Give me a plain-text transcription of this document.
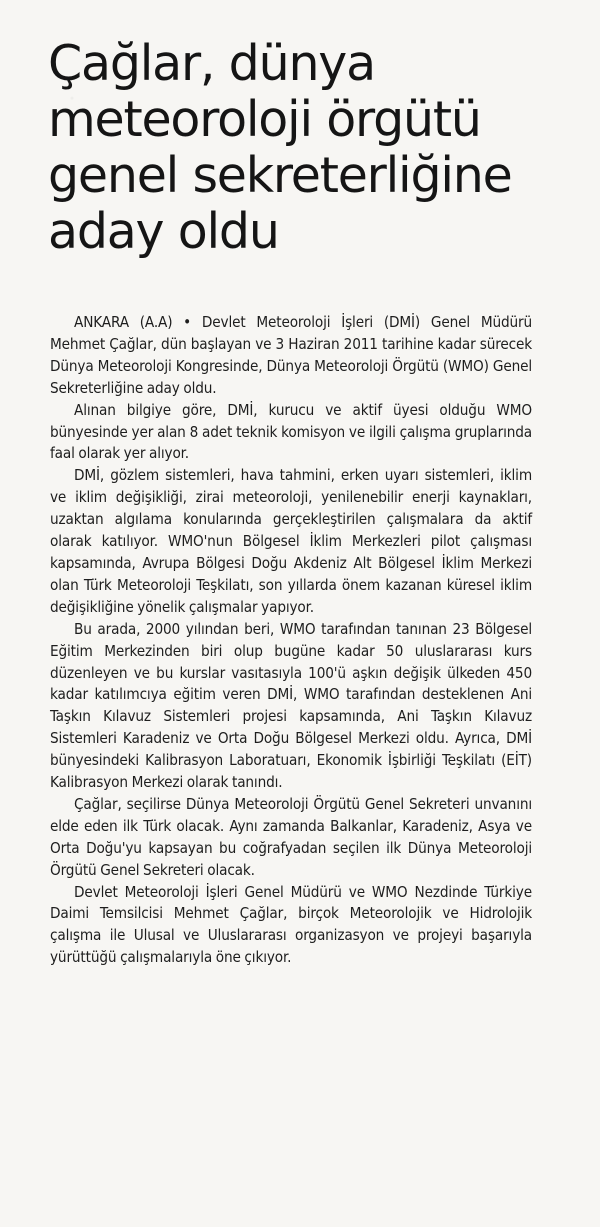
Çağlar, dünya
meteoroloji örgütü
genel sekreterliğine
aday oldu

ANKARA (A.A) • Devlet Meteoroloji İşleri (DMİ) Genel Müdürü Mehmet Çağlar, dün başlayan ve 3 Haziran 2011 tarihine kadar sürecek Dünya Meteoroloji Kongresinde, Dünya Meteoroloji Örgütü (WMO) Genel Sekreterliğine aday oldu.

Alınan bilgiye göre, DMİ, kurucu ve aktif üyesi olduğu WMO bünyesinde yer alan 8 adet teknik komisyon ve ilgili çalışma gruplarında faal olarak yer alıyor.

DMİ, gözlem sistemleri, hava tahmini, erken uyarı sistemleri, iklim ve iklim değişikliği, zirai meteoroloji, yenilenebilir enerji kaynakları, uzaktan algılama konularında gerçekleştirilen çalışmalara da aktif olarak katılıyor. WMO'nun Bölgesel İklim Merkezleri pilot çalışması kapsamında, Avrupa Bölgesi Doğu Akdeniz Alt Bölgesel İklim Merkezi olan Türk Meteoroloji Teşkilatı, son yıllarda önem kazanan küresel iklim değişikliğine yönelik çalışmalar yapıyor.

Bu arada, 2000 yılından beri, WMO tarafından tanınan 23 Bölgesel Eğitim Merkezinden biri olup bugüne kadar 50 uluslararası kurs düzenleyen ve bu kurslar vasıtasıyla 100'ü aşkın değişik ülkeden 450 kadar katılımcıya eğitim veren DMİ, WMO tarafından desteklenen Ani Taşkın Kılavuz Sistemleri projesi kapsamında, Ani Taşkın Kılavuz Sistemleri Karadeniz ve Orta Doğu Bölgesel Merkezi oldu. Ayrıca, DMİ bünyesindeki Kalibrasyon Laboratuarı, Ekonomik İşbirliği Teşkilatı (EİT) Kalibrasyon Merkezi olarak tanındı.

Çağlar, seçilirse Dünya Meteoroloji Örgütü Genel Sekreteri unvanını elde eden ilk Türk olacak. Aynı zamanda Balkanlar, Karadeniz, Asya ve Orta Doğu'yu kapsayan bu coğrafyadan seçilen ilk Dünya Meteoroloji Örgütü Genel Sekreteri olacak.

Devlet Meteoroloji İşleri Genel Müdürü ve WMO Nezdinde Türkiye Daimi Temsilcisi Mehmet Çağlar, birçok Meteorolojik ve Hidrolojik çalışma ile Ulusal ve Uluslararası organizasyon ve projeyi başarıyla yürüttüğü çalışmalarıyla öne çıkıyor.
